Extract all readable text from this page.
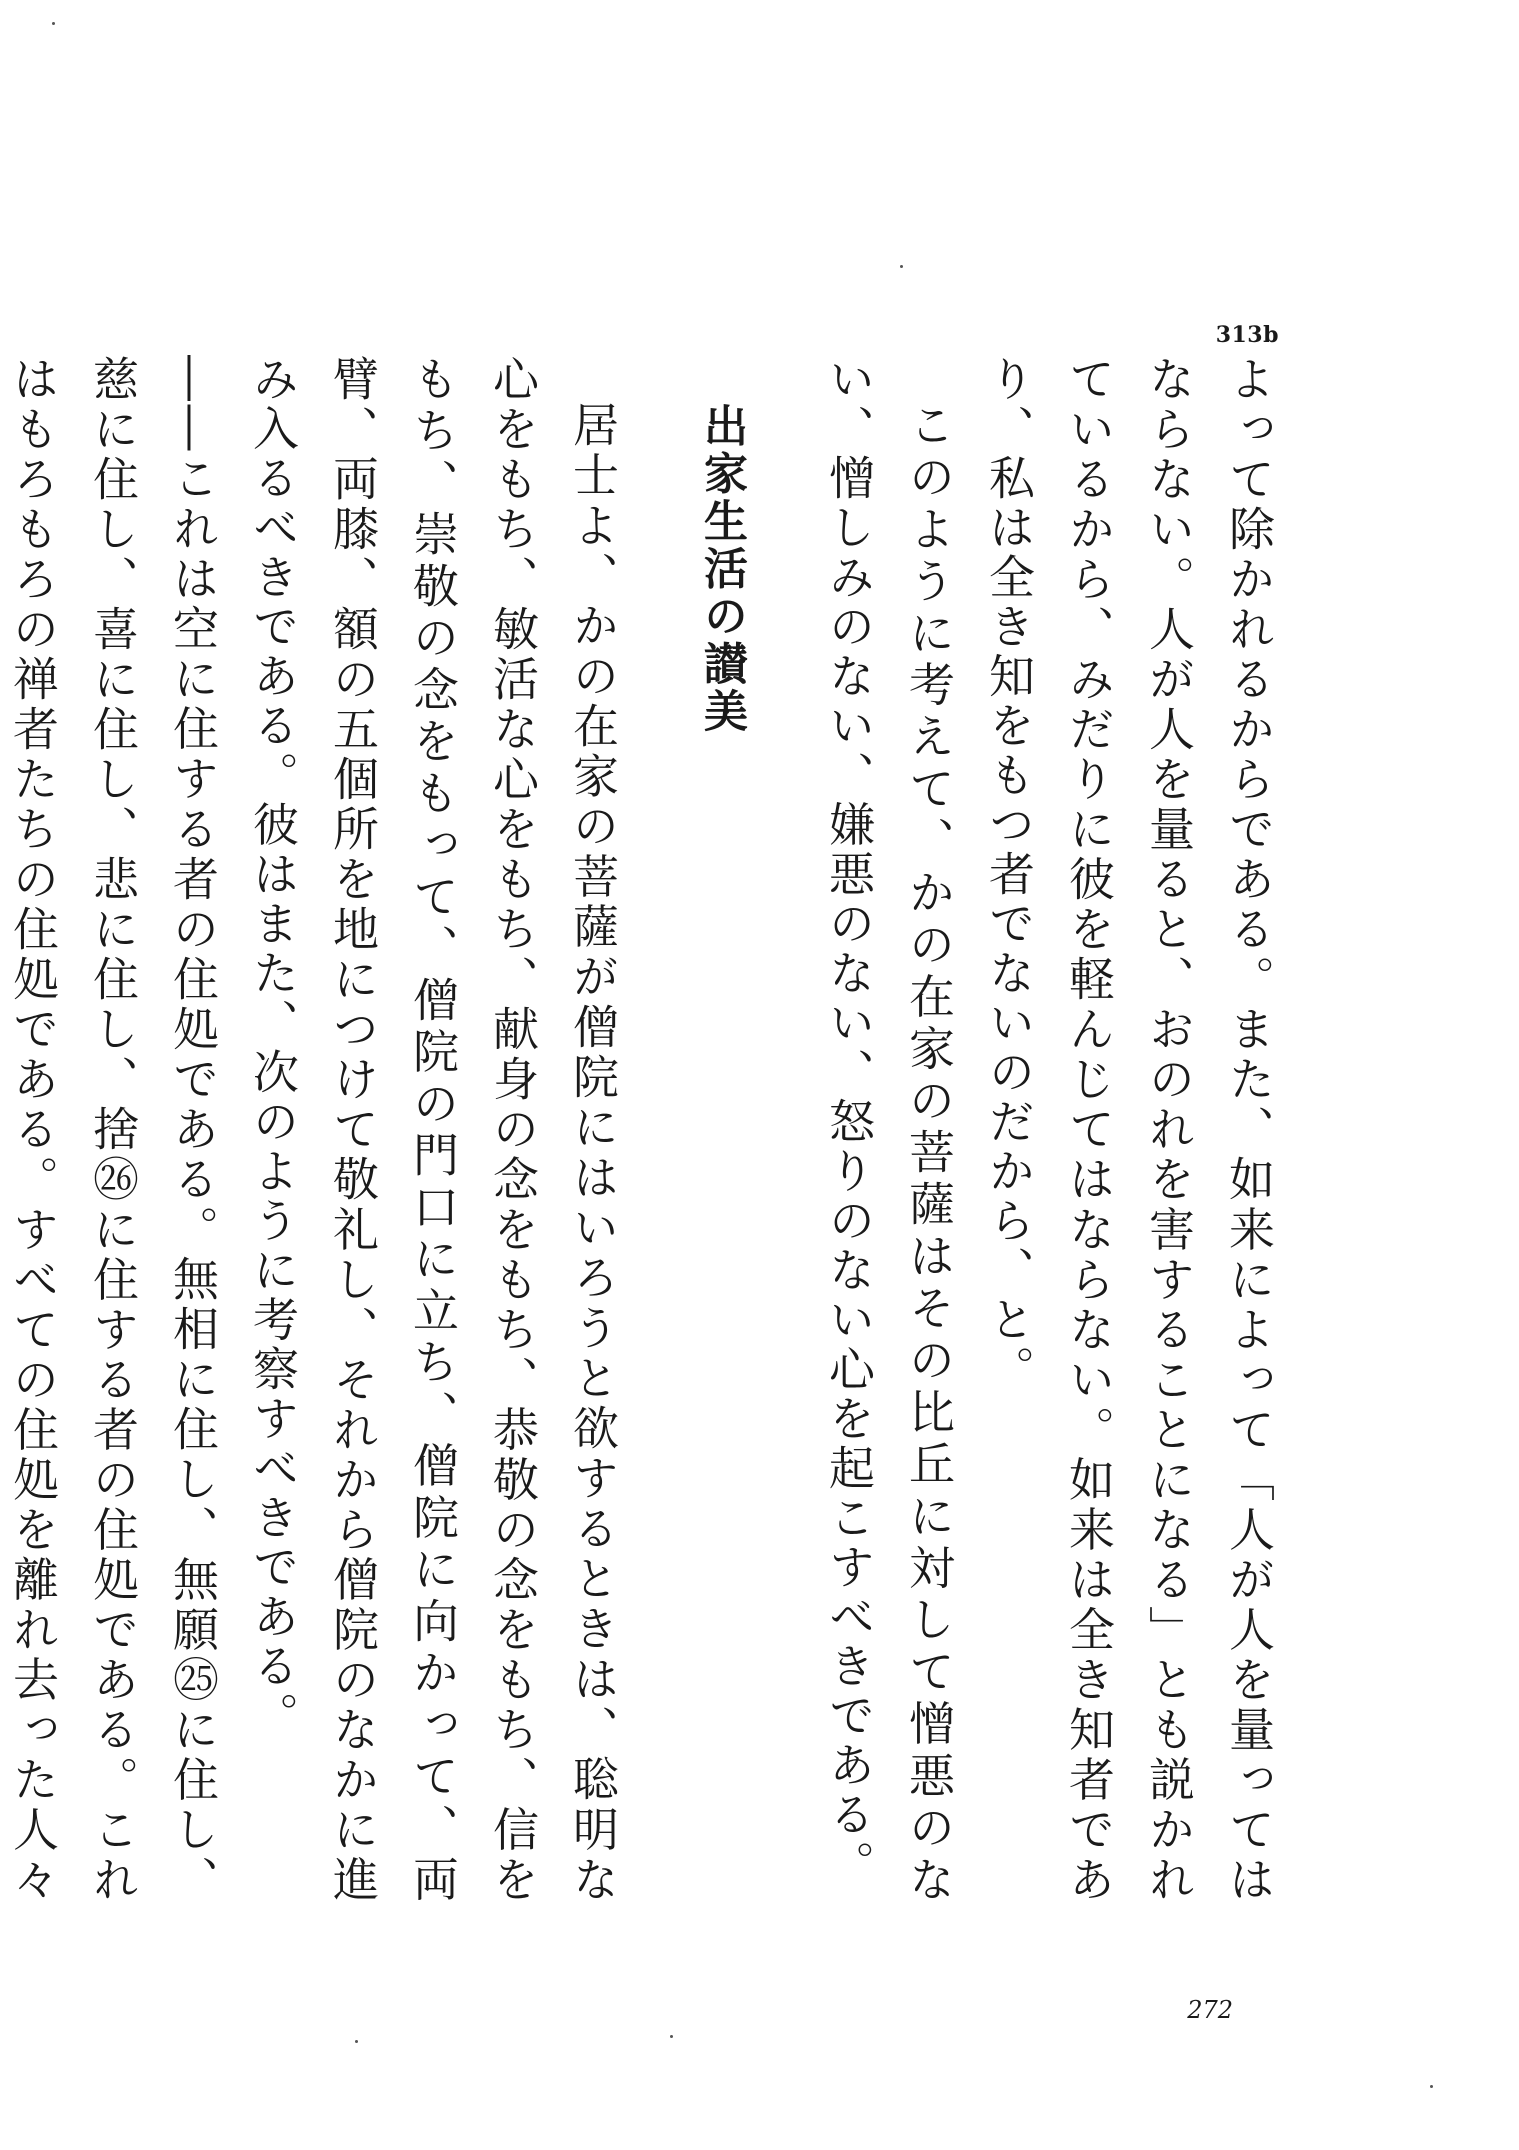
313b

よって除かれるからである。また、如来によって「人が人を量ってはならない。人が人を量ると、おのれを害することになる」とも説かれているから、みだりに彼を軽んじてはならない。如来は全き知者であり、私は全き知をもつ者でないのだから、と。

このように考えて、かの在家の菩薩はその比丘に対して憎悪のない、憎しみのない、嫌悪のない、怒りのない心を起こすべきである。

出家生活の讃美

居士よ、かの在家の菩薩が僧院にはいろうと欲するときは、聡明な心をもち、敏活な心をもち、献身の念をもち、恭敬の念をもち、信をもち、崇敬の念をもって、僧院の門口に立ち、僧院に向かって、両臂、両膝、額の五個所を地につけて敬礼し、それから僧院のなかに進み入るべきである。彼はまた、次のように考察すべきである。

――これは空に住する者の住処である。無相に住し、無願㉕に住し、慈に住し、喜に住し、悲に住し、捨㉖に住する者の住処である。これはもろもろの禅者たちの住処である。すべての住処を離れ去った人々

272
